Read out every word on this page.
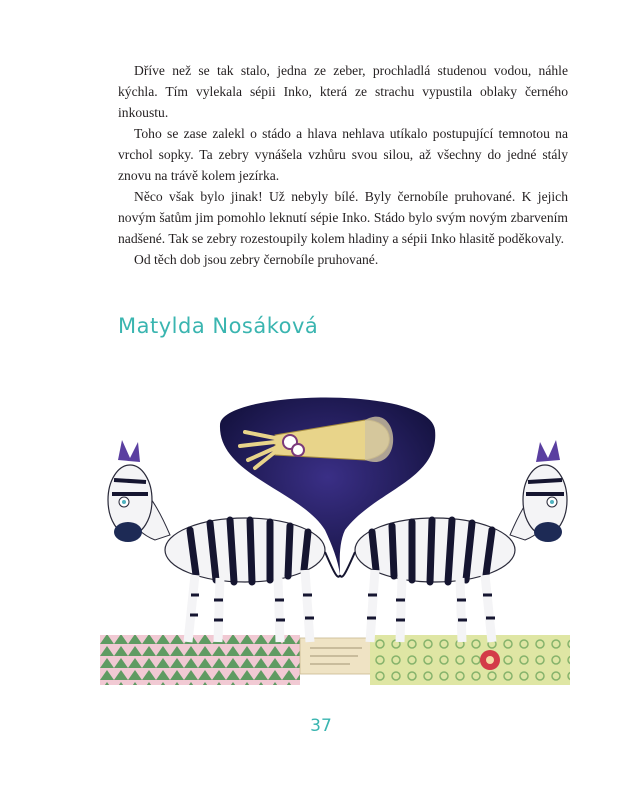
Dříve než se tak stalo, jedna ze zeber, prochladlá studenou vodou, náhle kýchla. Tím vylekala sépii Inko, která ze strachu vypustila oblaky černého inkoustu.

Toho se zase zalekl o stádo a hlava nehlava utíkalo postupující temnotou na vrchol sopky. Ta zebry vynášela vzhůru svou silou, až všechny do jedné stály znovu na trávě kolem jezírka.

Něco však bylo jinak! Už nebyly bílé. Byly černobíle pruhované. K jejich novým šatům jim pomohlo leknutí sépie Inko. Stádo bylo svým novým zbarvením nadšené. Tak se zebry rozestoupily kolem hladiny a sépii Inko hlasitě poděkovaly.

Od těch dob jsou zebry černobíle pruhované.

Matylda Nosáková
37
